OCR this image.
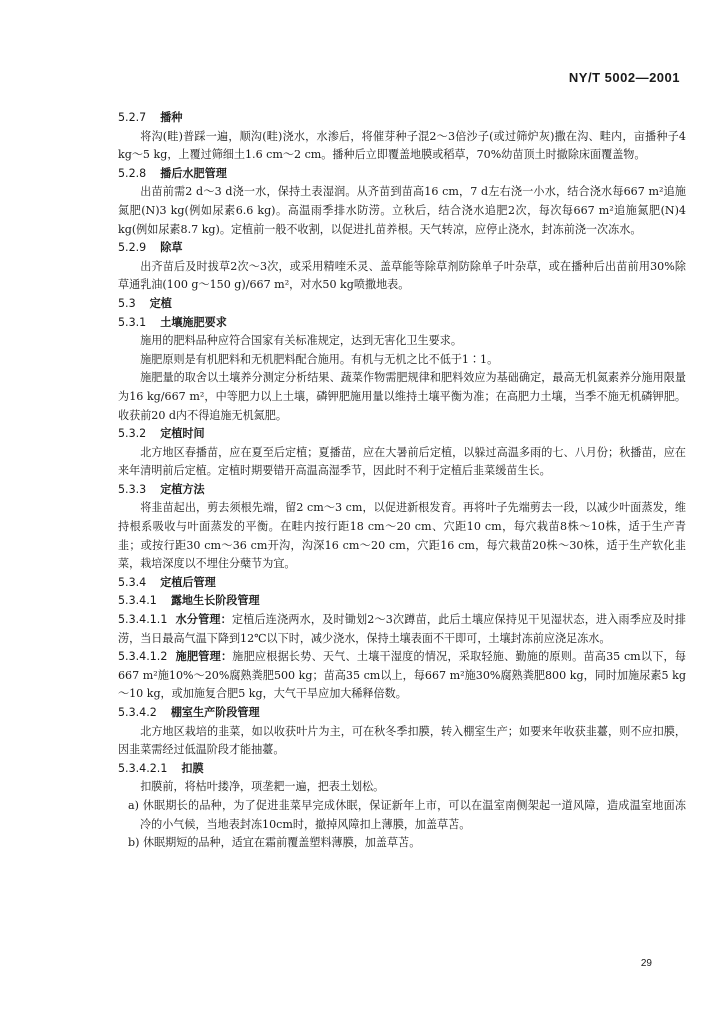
NY/T 5002—2001
5.2.7 播种
将沟(畦)普踩一遍，顺沟(畦)浇水，水渗后，将催芽种子混2～3倍沙子(或过筛炉灰)撒在沟、畦内，亩播种子4 kg～5 kg，上覆过筛细土1.6 cm～2 cm。播种后立即覆盖地膜或稻草，70%幼苗顶土时撤除床面覆盖物。
5.2.8 播后水肥管理
出苗前需2 d～3 d浇一水，保持土表湿润。从齐苗到苗高16 cm，7 d左右浇一小水，结合浇水每667 m²追施氮肥(N)3 kg(例如尿素6.6 kg)。高温雨季排水防涝。立秋后，结合浇水追肥2次，每次每667 m²追施氮肥(N)4 kg(例如尿素8.7 kg)。定植前一般不收割，以促进扎苗养根。天气转凉，应停止浇水，封冻前浇一次冻水。
5.2.9 除草
出齐苗后及时拔草2次～3次，或采用精喹禾灵、盖草能等除草剂防除单子叶杂草，或在播种后出苗前用30%除草通乳油(100 g～150 g)/667 m²，对水50 kg喷撒地表。
5.3 定植
5.3.1 土壤施肥要求
施用的肥料品种应符合国家有关标准规定，达到无害化卫生要求。
施肥原则是有机肥料和无机肥料配合施用。有机与无机之比不低于1∶1。
施肥量的取舍以土壤养分测定分析结果、蔬菜作物需肥规律和肥料效应为基础确定，最高无机氮素养分施用限量为16 kg/667 m²，中等肥力以上土壤，磷钾肥施用量以维持土壤平衡为准；在高肥力土壤，当季不施无机磷钾肥。收获前20 d内不得追施无机氮肥。
5.3.2 定植时间
北方地区春播苗，应在夏至后定植；夏播苗，应在大暑前后定植，以躲过高温多雨的七、八月份；秋播苗，应在来年清明前后定植。定植时期要错开高温高湿季节，因此时不利于定植后韭菜缓苗生长。
5.3.3 定植方法
将韭苗起出，剪去须根先端，留2 cm～3 cm，以促进新根发育。再将叶子先端剪去一段，以减少叶面蒸发，维持根系吸收与叶面蒸发的平衡。在畦内按行距18 cm～20 cm、穴距10 cm，每穴栽苗8株～10株，适于生产青韭；或按行距30 cm～36 cm开沟，沟深16 cm～20 cm，穴距16 cm，每穴栽苗20株～30株，适于生产软化韭菜，栽培深度以不埋住分蘖节为宜。
5.3.4 定植后管理
5.3.4.1 露地生长阶段管理
5.3.4.1.1 水分管理：定植后连浇两水，及时锄划2～3次蹲苗，此后土壤应保持见干见湿状态，进入雨季应及时排涝，当日最高气温下降到12℃以下时，减少浇水，保持土壤表面不干即可，土壤封冻前应浇足冻水。
5.3.4.1.2 施肥管理：施肥应根据长势、天气、土壤干湿度的情况，采取轻施、勤施的原则。苗高35 cm以下，每667 m²施10%～20%腐熟粪肥500 kg；苗高35 cm以上，每667 m²施30%腐熟粪肥800 kg，同时加施尿素5 kg～10 kg，或加施复合肥5 kg，大气干旱应加大稀释倍数。
5.3.4.2 棚室生产阶段管理
北方地区栽培的韭菜，如以收获叶片为主，可在秋冬季扣膜，转入棚室生产；如要来年收获韭薹，则不应扣膜，因韭菜需经过低温阶段才能抽薹。
5.3.4.2.1 扣膜
扣膜前，将枯叶搂净，项垄耙一遍，把表土划松。
a) 休眠期长的品种，为了促进韭菜早完成休眠，保证新年上市，可以在温室南侧架起一道风障，造成温室地面冻冷的小气候，当地表封冻10cm时，撤掉风障扣上薄膜，加盖草苫。
b) 休眠期短的品种，适宜在霜前覆盖塑料薄膜，加盖草苫。
29
